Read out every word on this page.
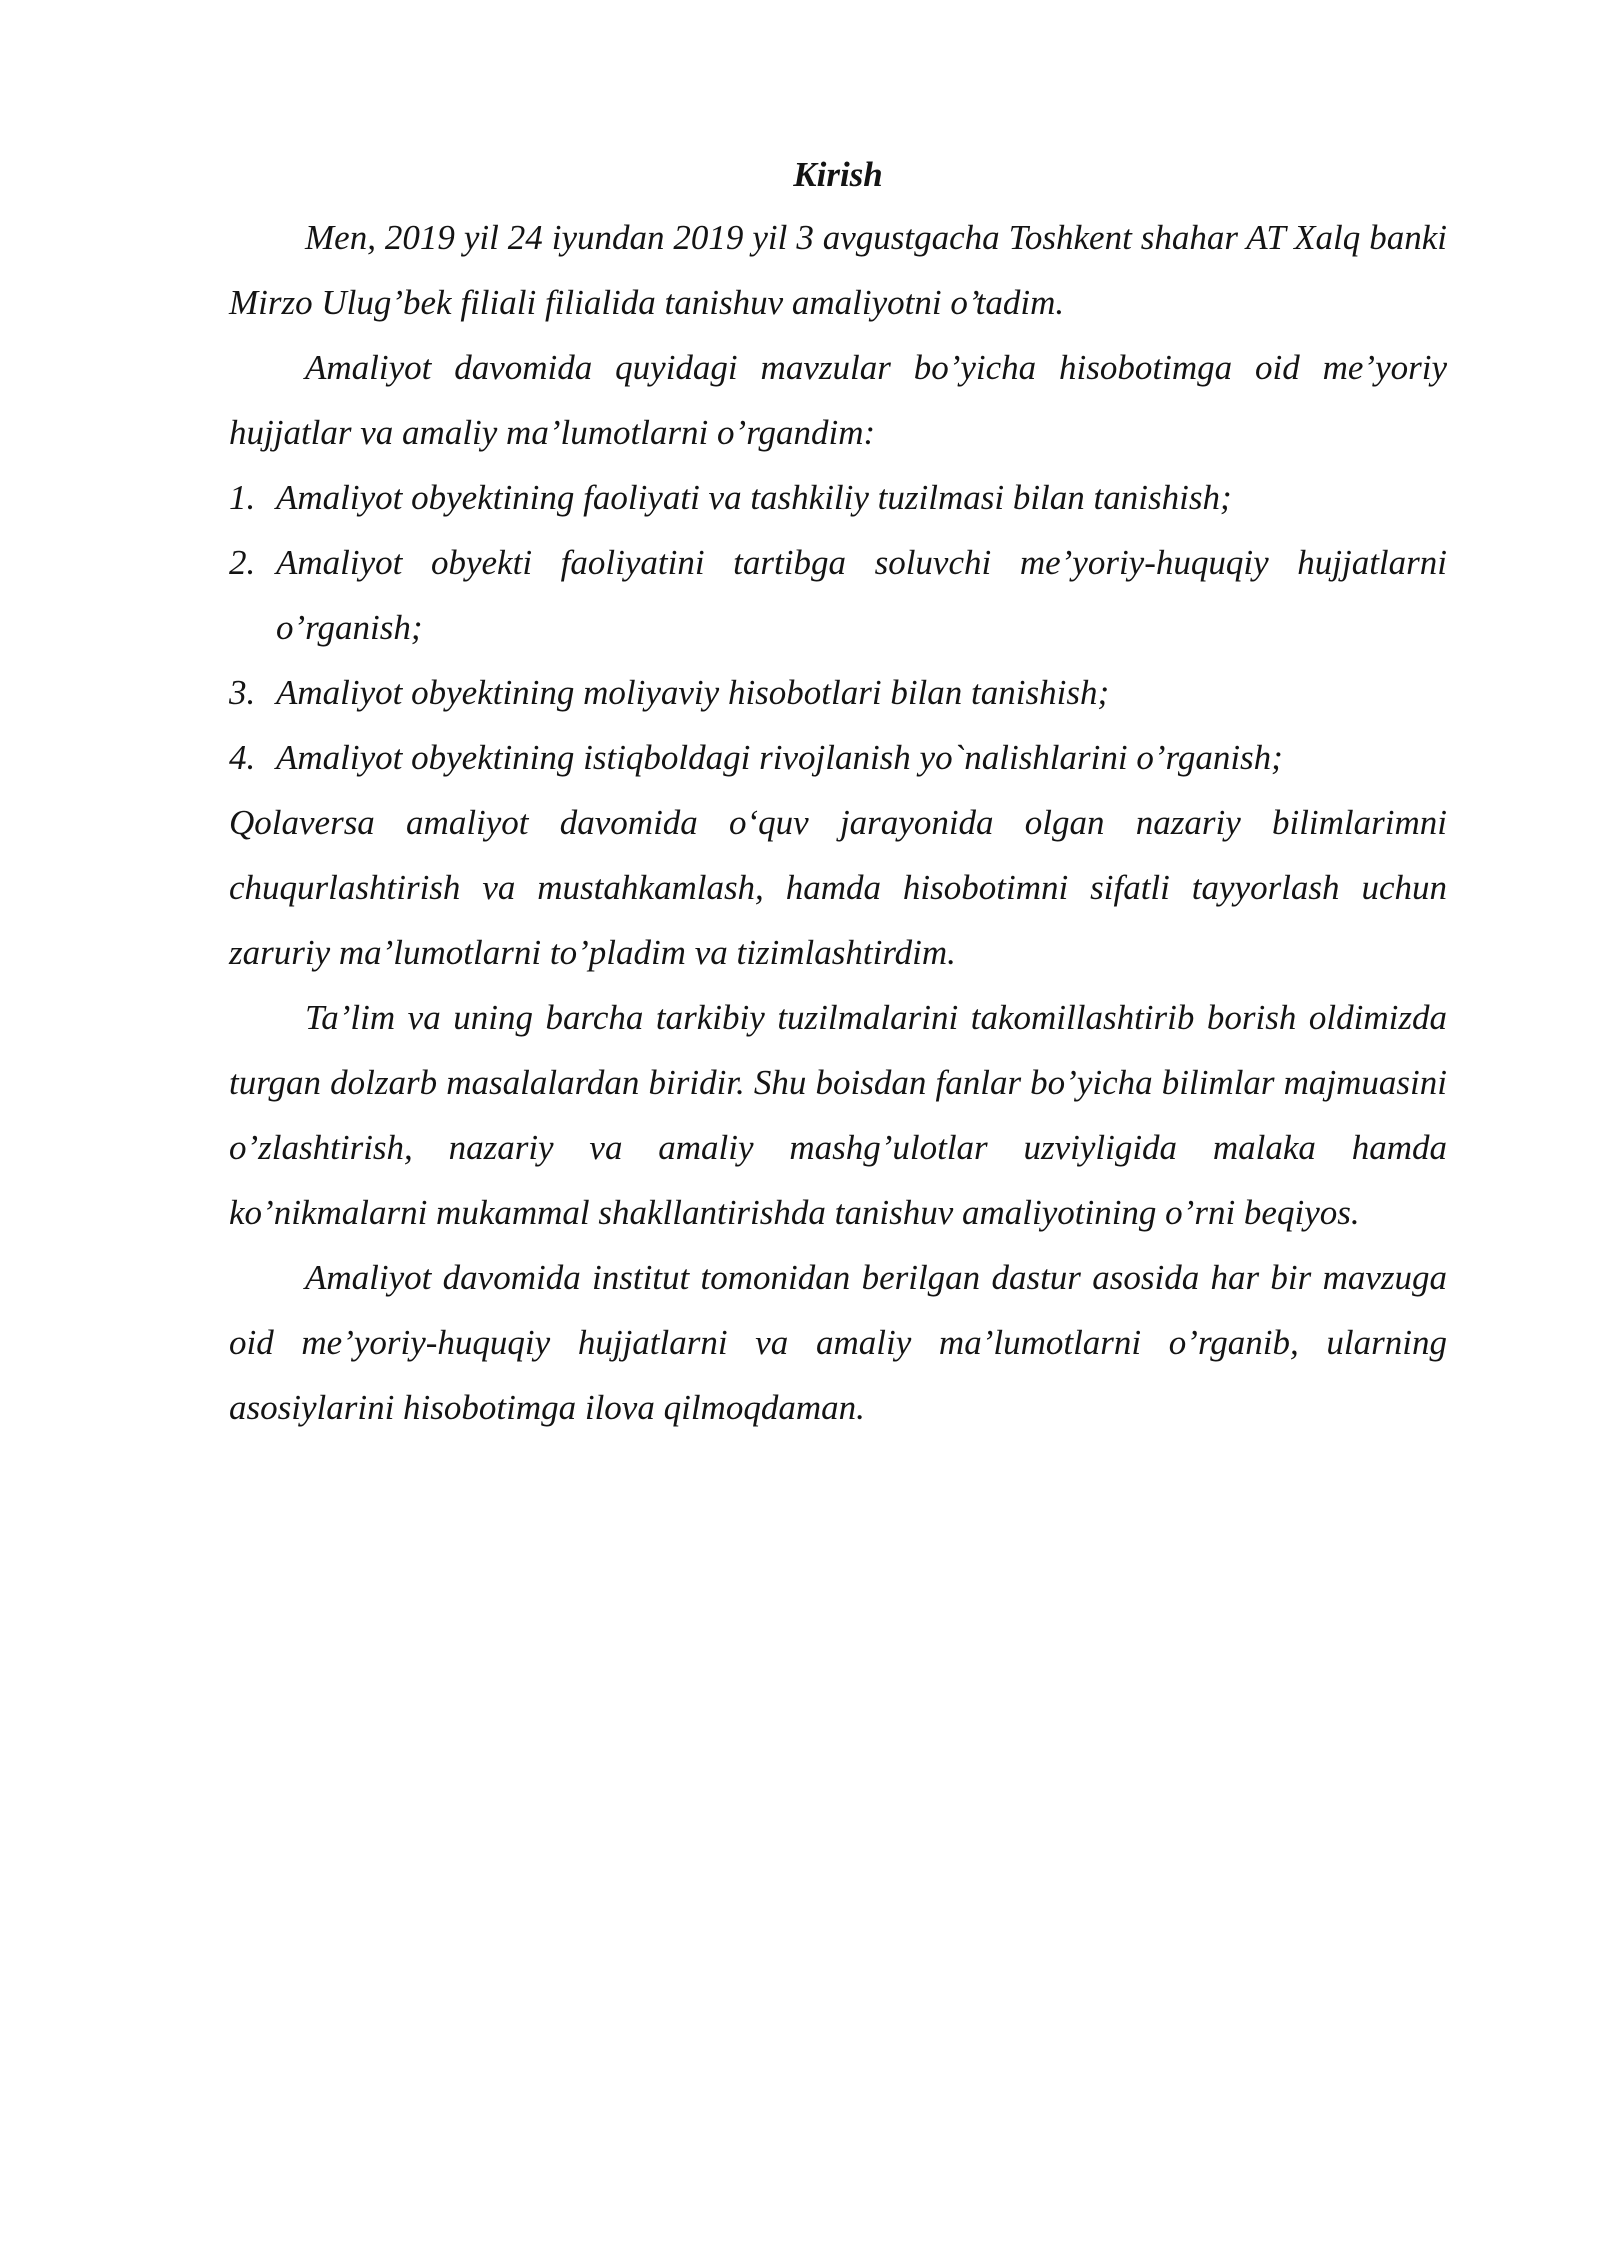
Kirish

Men, 2019 yil 24 iyundan 2019 yil 3 avgustgacha Toshkent shahar AT Xalq banki Mirzo Ulug’bek filiali filialida tanishuv amaliyotni o’tadim.

Amaliyot davomida quyidagi mavzular bo’yicha hisobotimga oid me’yoriy hujjatlar va amaliy ma’lumotlarni o’rgandim:

1. Amaliyot obyektining faoliyati va tashkiliy tuzilmasi bilan tanishish;
2. Amaliyot obyekti faoliyatini tartibga soluvchi me’yoriy-huquqiy hujjatlarni o’rganish;
3. Amaliyot obyektining moliyaviy hisobotlari bilan tanishish;
4. Amaliyot obyektining istiqboldagi rivojlanish yo`nalishlarini o’rganish;

Qolaversa amaliyot davomida o‘quv jarayonida olgan nazariy bilimlarimni chuqurlashtirish va mustahkamlash, hamda hisobotimni sifatli tayyorlash uchun zaruriy ma’lumotlarni to’pladim va tizimlashtirdim.

Ta’lim va uning barcha tarkibiy tuzilmalarini takomillashtirib borish oldimizda turgan dolzarb masalalardan biridir. Shu boisdan fanlar bo’yicha bilimlar majmuasini o’zlashtirish, nazariy va amaliy mashg’ulotlar uzviyligida malaka hamda ko’nikmalarni mukammal shakllantirishda tanishuv amaliyotining o’rni beqiyos.

Amaliyot davomida institut tomonidan berilgan dastur asosida har bir mavzuga oid me’yoriy-huquqiy hujjatlarni va amaliy ma’lumotlarni o’rganib, ularning asosiylarini hisobotimga ilova qilmoqdaman.
